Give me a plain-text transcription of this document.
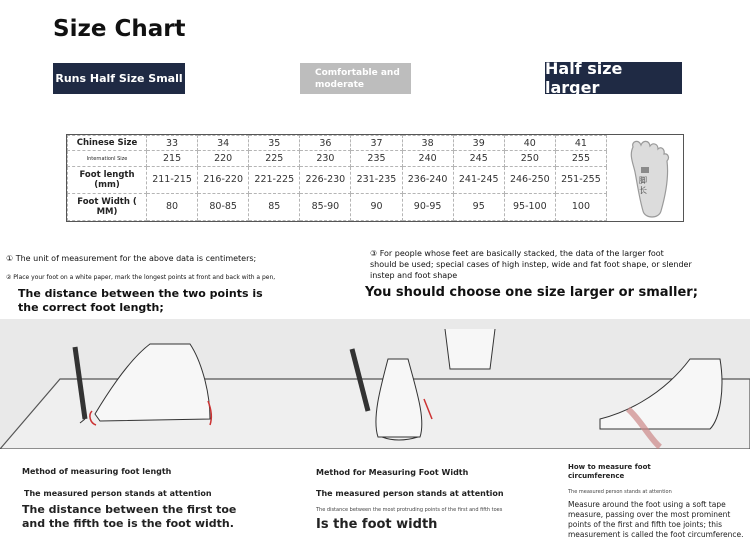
Size Chart
Runs Half Size Small	Comfortable and
moderate
Half size larger
Chinese Size	33	34	35	36	37	38	39	40	41
Internationl Size	215	220	225	230	235	240	245	250	255
Foot length (mm)	211-215	216-220	221-225	226-230	231-235	236-240	241-245	246-250	251-255
Foot Width ( MM)	80	80-85	85	85-90	90	90-95	95	95-100	100
脚
长
① The unit of measurement for the above data is centimeters;
② Place your foot on a white paper, mark the longest points at front and back with a pen,
The distance between the two points is
the correct foot length;
③ For people whose feet are basically stacked, the data of the larger foot
should be used; special cases of high instep, wide and fat foot shape, or slender
instep and foot shape
You should choose one size larger or smaller;
Method of measuring foot length
The measured person stands at attention
The distance between the first toe
and the fifth toe is the foot width.
Method for Measuring Foot Width
The measured person stands at attention
The distance between the most protruding points of the first and fifth toes
Is the foot width
How to measure foot
circumference
The measured person stands at attention
Measure around the foot using a soft tape
measure, passing over the most prominent
points of the first and fifth toe joints; this
measurement is called the foot circumference.
